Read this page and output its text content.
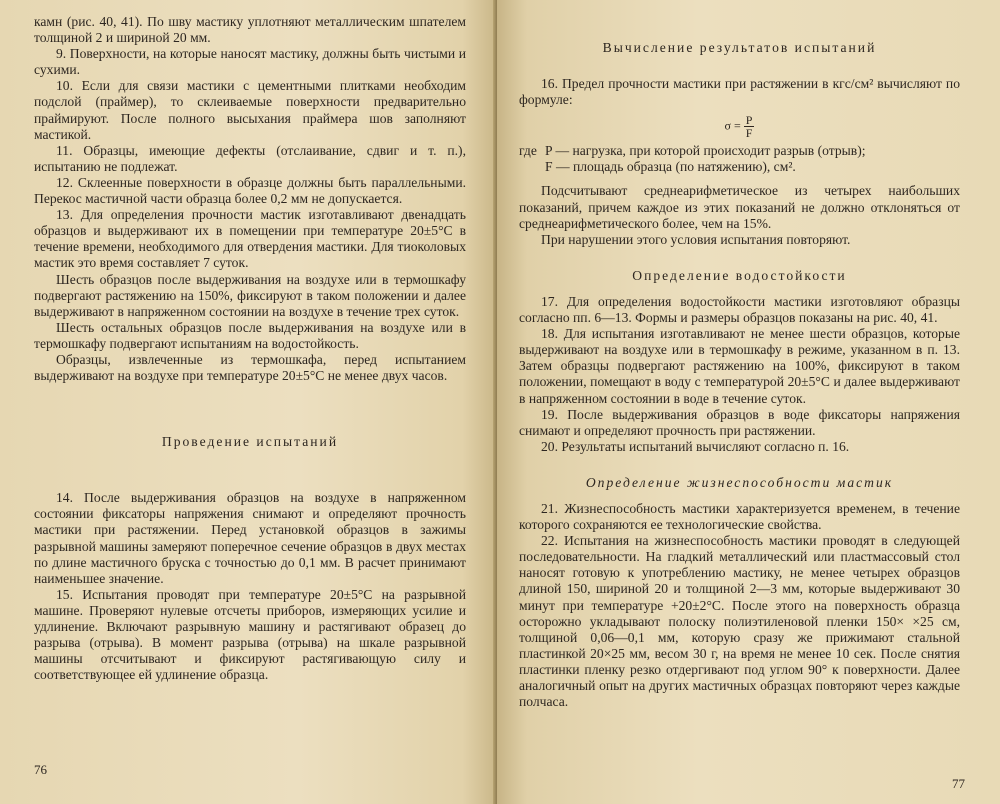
камн (рис. 40, 41). По шву мастику уплотняют металлическим шпателем толщиной 2 и шириной 20 мм.

9. Поверхности, на которые наносят мастику, должны быть чистыми и сухими.

10. Если для связи мастики с цементными плитками необходим подслой (праймер), то склеиваемые поверхности предварительно праймируют. После полного высыхания праймера шов заполняют мастикой.

11. Образцы, имеющие дефекты (отслаивание, сдвиг и т. п.), испытанию не подлежат.

12. Склеенные поверхности в образце должны быть параллельными. Перекос мастичной части образца более 0,2 мм не допускается.

13. Для определения прочности мастик изготавливают двенадцать образцов и выдерживают их в помещении при температуре 20±5°С в течение времени, необходимого для отвердения мастики. Для тиоколовых мастик это время составляет 7 суток.

Шесть образцов после выдерживания на воздухе или в термошкафу подвергают растяжению на 150%, фиксируют в таком положении и далее выдерживают в напряженном состоянии на воздухе в течение трех суток.

Шесть остальных образцов после выдерживания на воздухе или в термошкафу подвергают испытаниям на водостойкость.

Образцы, извлеченные из термошкафа, перед испытанием выдерживают на воздухе при температуре 20±5°С не менее двух часов.

Проведение испытаний

14. После выдерживания образцов на воздухе в напряженном состоянии фиксаторы напряжения снимают и определяют прочность мастики при растяжении. Перед установкой образцов в зажимы разрывной машины замеряют поперечное сечение образцов в двух местах по длине мастичного бруска с точностью до 0,1 мм. В расчет принимают наименьшее значение.

15. Испытания проводят при температуре 20±5°С на разрывной машине. Проверяют нулевые отсчеты приборов, измеряющих усилие и удлинение. Включают разрывную машину и растягивают образец до разрыва (отрыва). В момент разрыва (отрыва) на шкале разрывной машины отсчитывают и фиксируют растягивающую силу и соответствующее ей удлинение образца.

76
Вычисление результатов испытаний

16. Предел прочности мастики при растяжении в кгс/см² вычисляют по формуле:

$\sigma = \frac{P}{F}$
где P — нагрузка, при которой происходит разрыв (отрыв);
F — площадь образца (по натяжению), см².

Подсчитывают среднеарифметическое из четырех наибольших показаний, причем каждое из этих показаний не должно отклоняться от среднеарифметического более, чем на 15%.

При нарушении этого условия испытания повторяют.

Определение водостойкости

17. Для определения водостойкости мастики изготовляют образцы согласно пп. 6—13. Формы и размеры образцов показаны на рис. 40, 41.

18. Для испытания изготавливают не менее шести образцов, которые выдерживают на воздухе или в термошкафу в режиме, указанном в п. 13. Затем образцы подвергают растяжению на 100%, фиксируют в таком положении, помещают в воду с температурой 20±5°С и далее выдерживают в напряженном состоянии в воде в течение суток.

19. После выдерживания образцов в воде фиксаторы напряжения снимают и определяют прочность при растяжении.

20. Результаты испытаний вычисляют согласно п. 16.

Определение жизнеспособности мастик

21. Жизнеспособность мастики характеризуется временем, в течение которого сохраняются ее технологические свойства.

22. Испытания на жизнеспособность мастики проводят в следующей последовательности. На гладкий металлический или пластмассовый стол наносят готовую к употреблению мастику, не менее четырех образцов длиной 150, шириной 20 и толщиной 2—3 мм, которые выдерживают 30 минут при температуре +20±2°С. После этого на поверхность образца осторожно укладывают полоску полиэтиленовой пленки 150× ×25 см, толщиной 0,06—0,1 мм, которую сразу же прижимают стальной пластинкой 20×25 мм, весом 30 г, на время не менее 10 сек. После снятия пластинки пленку резко отдергивают под углом 90° к поверхности. Далее аналогичный опыт на других мастичных образцах повторяют через каждые полчаса.

77
